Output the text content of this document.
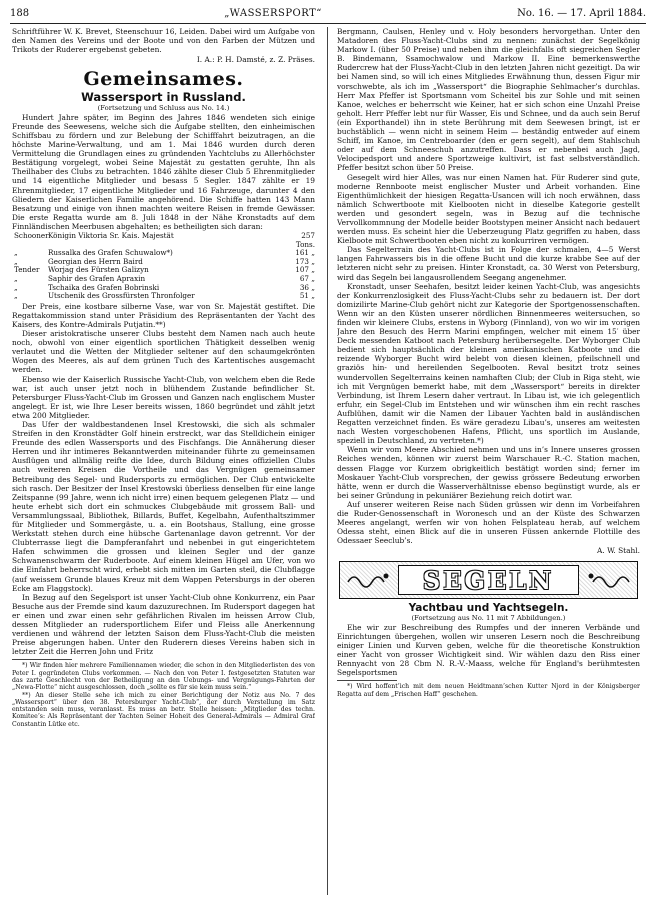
188	„WASSERSPORT“	No. 16. — 17. April 1884.

Schriftführer W. K. Brevet, Steenschuur 16, Leiden. Dabei wird um Aufgabe von den Namen des Vereins und der Boote und von den Farben der Mützen und Trikots der Ruderer ergebenst gebeten.

I. A.: P. H. Damsté, z. Z. Präses.
Gemeinsames.
Wassersport in Russland.
(Fortsetzung und Schluss aus No. 14.)

Hundert Jahre später, im Beginn des Jahres 1846 wendeten sich einige Freunde des Seewesens, welche sich die Aufgabe stellten, den einheimischen Schiffsbau zu fördern und zur Belebung der Schifffahrt beizutragen, an die höchste Marine-Verwaltung, und am 1. Mai 1846 wurden durch deren Vermittelung die Grundlagen eines zu gründenden Yachtclubs zu Allerhöchster Bestätigung vorgelegt, wobei Seine Majestät zu gestatten geruhte, Ihn als Theilhaber des Clubs zu betrachten. 1846 zählte dieser Club 5 Ehrenmitglieder und 14 eigentliche Mitglieder und besass 5 Segler. 1847 zählte er 19 Ehrenmitglieder, 17 eigentliche Mitglieder und 16 Fahrzeuge, darunter 4 den Gliedern der Kaiserlichen Familie angehörend. Die Schiffe hatten 143 Mann Besatzung und einige von ihnen machten weitere Reisen in fremde Gewässer. Die erste Regatta wurde am 8. Juli 1848 in der Nähe Kronstadts auf dem Finnländischen Meerbusen abgehalten; es betheiligten sich daran:

Schooner Königin Viktoria Sr. Kais. Majestät	257 Tons.
„	Russalka des Grafen Schuwalow*)	161 „
„	Georgian des Herrn Baird	173 „
Tender	Worjag des Fürsten Galizyn	107 „
„	Saphir des Grafen Apraxin	67 „
„	Tschaika des Grafen Bobrinski	36 „
„	Utschenik des Grossfürsten Thronfolger	51 „

Der Preis, eine kostbare silberne Vase, war von Sr. Majestät gestiftet. Die Regattakommission stand unter Präsidium des Repräsentanten der Yacht des Kaisers, des Kontre-Admirals Putjatin.**)

Dieser aristokratische unserer Clubs besteht dem Namen nach auch heute noch, obwohl von einer eigentlich sportlichen Thätigkeit desselben wenig verlautet und die Wetten der Mitglieder seltener auf den schaumgekrönten Wogen des Meeres, als auf dem grünen Tuch des Kartentisches ausgemacht werden.

Ebenso wie der Kaiserlich Russische Yacht-Club, von welchem eben die Rede war, ist auch unser jetzt noch in blühendem Zustande befindlicher St. Petersburger Fluss-Yacht-Club im Grossen und Ganzen nach englischem Muster angelegt. Er ist, wie Ihre Leser bereits wissen, 1860 begründet und zählt jetzt etwa 200 Mitglieder.

Das Ufer der waldbestandenen Insel Krestowski, die sich als schmaler Streifen in den Kronstädter Golf hinein erstreckt, war das Stelldichein einiger Freunde des edlen Wassersports und des Fischfangs. Die Annäherung dieser Herren und ihr intimeres Bekanntwerden miteinander führte zu gemeinsamen Ausflügen und allmälig reifte die Idee, durch Bildung eines offiziellen Clubs auch weiteren Kreisen die Vortheile und das Vergnügen gemeinsamer Betreibung des Segel- und Rudersports zu ermöglichen. Der Club entwickelte sich rasch. Der Besitzer der Insel Krestowski überliess denselben für eine lange Zeitspanne (99 Jahre, wenn ich nicht irre) einen bequem gelegenen Platz — und heute erhebt sich dort ein schmuckes Clubgebäude mit grossem Ball- und Versammlungssaal, Bibliothek, Billards, Buffet, Kegelbahn, Aufenthaltszimmer für Mitglieder und Sommergäste, u. a. ein Bootshaus, Stallung, eine grosse Werkstatt stehen durch eine hübsche Gartenanlage davon getrennt. Vor der Clubterrasse liegt die Dampferanfahrt und nebenbei in gut eingerichtetem Hafen schwimmen die grossen und kleinen Segler und der ganze Schwanenschwarm der Ruderboote. Auf einem kleinen Hügel am Ufer, von wo die Einfahrt beherrscht wird, erhebt sich mitten im Garten steil, die Clubflagge (auf weissem Grunde blaues Kreuz mit dem Wappen Petersburgs in der oberen Ecke am Flaggstock).

In Bezug auf den Segelsport ist unser Yacht-Club ohne Konkurrenz, ein Paar Besuche aus der Fremde sind kaum dazuzurechnen. Im Rudersport dagegen hat er einen und zwar einen sehr gefährlichen Rivalen im heissen Arrow Club, dessen Mitglieder an rudersportlichem Eifer und Fleiss alle Anerkennung verdienen und während der letzten Saison dem Fluss-Yacht-Club die meisten Preise abgerungen haben. Unter den Ruderern dieses Vereins haben sich in letzter Zeit die Herren John und Fritz

*) Wir finden hier mehrere Familiennamen wieder, die schon in den Mitgliederlisten des von Peter I. gegründeten Clubs vorkommen. — Nach den von Peter I. festgesetzten Statuten war das zarte Geschlecht von der Betheiligung an den Uebungs- und Vergnügungs-Fahrten der „Newa-Flotte“ nicht ausgeschlossen, doch „sollte es für sie kein muss sein.“

**) An dieser Stelle sehe ich mich zu einer Berichtigung der Notiz aus No. 7 des „Wassersport“ über den 38. Petersburger Yacht-Club“, der durch Verstellung im Satz entstanden sein muss, veranlasst. Es muss an betr. Stelle heissen: „Mitglieder des techn. Komitee’s: Als Repräsentant der Yachten Seiner Hoheit des General-Admirals — Admiral Graf Constantin Lütke etc.

Bergmann, Caulsen, Henley und v. Holy besonders hervorgethan. Unter den Matadoren des Fluss-Yacht-Clubs sind zu nennen: zunächst der Segelkönig Markow I. (über 50 Preise) und neben ihm die gleichfalls oft siegreichen Segler B. Bindemann, Ssamochwalow und Markow II. Eine bemerkenswerthe Rudercrew hat der Fluss-Yacht-Club in den letzten Jahren nicht gezeitigt. Da wir bei Namen sind, so will ich eines Mitgliedes Erwähnung thun, dessen Figur mir vorschwebte, als ich im „Wassersport“ die Biographie Sehlmacher’s durchlas. Herr Max Pfeffer ist Sportsmann vom Scheitel bis zur Sohle und mit seinen Kanoe, welches er beherrscht wie Keiner, hat er sich schon eine Unzahl Preise geholt. Herr Pfeffer lebt nur für Wasser, Eis und Schnee, und da auch sein Beruf (ein Exporthandel) ihn in stete Berührung mit dem Seewesen bringt, ist er buchstäblich — wenn nicht in seinem Heim — beständig entweder auf einem Schiff, im Kanoe, im Centreboarder (den er gern segelt), auf dem Stahlschuh oder auf dem Schneeschuh anzutreffen. Dass er nebenbei auch Jagd, Velocipedsport und andere Sportzweige kultivirt, ist fast selbstverständlich. Pfeffer besitzt schon über 50 Preise.

Gesegelt wird hier Alles, was nur einen Namen hat. Für Ruderer sind gute, moderne Rennboote meist englischer Muster und Arbeit vorhanden. Eine Eigenthümlichkeit der hiesigen Regatta-Usancen will ich noch erwähnen, dass nämlich Schwertboote mit Kielbooten nicht in dieselbe Kategorie gestellt werden und gesondert segeln, was in Bezug auf die technische Vervollkommnung der Modelle beider Bootstypen meiner Ansicht nach bedauert werden muss. Es scheint hier die Ueberzeugung Platz gegriffen zu haben, dass Kielboote mit Schwertbooten eben nicht zu konkurriren vermögen.

Das Segelterrain des Yacht-Clubs ist in Folge der schmalen, 4—5 Werst langen Fahrwassers bis in die offene Bucht und die kurze krabbe See auf der letzteren nicht sehr zu preisen. Hinter Kronstadt, ca. 30 Werst von Petersburg, wird das Segeln bei langausrollendem Seegang angenehmer.

Kronstadt, unser Seehafen, besitzt leider keinen Yacht-Club, was angesichts der Konkurrenzlosigkeit des Fluss-Yacht-Clubs sehr zu bedauern ist. Der dort domizilirte Marine-Club gehört nicht zur Kategorie der Sportgenossenschaften. Wenn wir an den Küsten unserer nördlichen Binnenmeeres weitersuchen, so finden wir kleinere Clubs, erstens in Wyborg (Finnland), von wo wir im vorigen Jahre den Besuch des Herrn Marini empfingen, welcher mit einem 15′ über Deck messenden Katboot nach Petersburg herübersegelte. Der Wyborger Club bedient sich hauptsächlich der kleinen amerikanischen Katboote und die reizende Wyborger Bucht wird belebt von diesen kleinen, pfeilschnell und graziös hin- und hereilenden Segelbooten. Reval besitzt trotz seines wundervollen Segelterrains keinen namhaften Club; der Club in Riga steht, wie ich mit Vergnügen bemerkt habe, mit dem „Wassersport“ bereits in direkter Verbindung, ist Ihrem Lesern daher vertraut. In Libau ist, wie ich gelegentlich erfuhr, ein Segel-Club im Entstehen und wir wünschen ihm ein recht rasches Aufblühen, damit wir die Namen der Libauer Yachten bald in ausländischen Regatten verzeichnet finden. Es wäre geradezu Libau’s, unseres am weitesten nach Westen vorgeschobenen Hafens, Pflicht, uns sportlich im Auslande, speziell in Deutschland, zu vertreten.*)

Wenn wir vom Meere Abschied nehmen und uns in’s Innere unseres grossen Reiches wenden, können wir zuerst beim Warschauer R.-C. Station machen, dessen Flagge vor Kurzem obrigkeitlich bestätigt worden sind; ferner im Moskauer Yacht-Club vorsprechen, der gewiss grössere Bedeutung erworben hätte, wenn er durch die Wasserverhältnisse ebenso begünstigt wurde, als er bei seiner Gründung in pekuniärer Beziehung reich dotirt war.

Auf unserer weiteren Reise nach Süden grüssen wir denn im Vorbeifahren die Ruder-Genossenschaft in Woronesch und an der Küste des Schwarzen Meeres angelangt, werfen wir von hohen Felsplateau herab, auf welchem Odessa steht, einen Blick auf die in unseren Füssen ankernde Flottille des Odessaer Seeclub’s.

A. W. Stahl.
SEGELN
Yachtbau und Yachtsegeln.
(Fortsetzung aus No. 11 mit 7 Abbildungen.)

Ehe wir zur Beschreibung des Rumpfes und der inneren Verbände und Einrichtungen übergehen, wollen wir unseren Lesern noch die Beschreibung einiger Linien und Kurven geben, welche für die theoretische Konstruktion einer Yacht von grosser Wichtigkeit sind. Wir wählen dazu den Riss einer Rennyacht von 28 Cbm N. R.-V.-Maass, welche für England's berühmtesten Segelsportsmen

*) Wird hoffent’ich mit dem neuen Heidtmann’schen Kutter Njord in der Königsberger Regatta auf dem „Frischen Haff“ geschehen.
